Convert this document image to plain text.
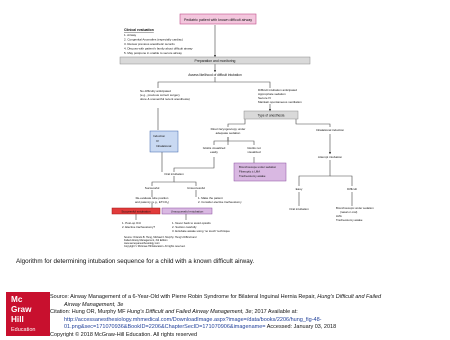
Pediatric patient with known difficult airway
Clinical evaluation
1. Airway
2. Congenital Anomalies (especially cardiac)
3. Review previous anesthetic records
4. Discuss with patient's family about difficult airway
5. May postpone in unable to secure airway
Preparation and monitoring
Assess likelihood of difficult intubation
No difficulty anticipated
(e.g., previous correct surgery
done & uneventful recent anesthesia)
Difficult intubation anticipated
Appropriate sedation
Secure IV
Maintain spontaneous ventilation
Type of anesthesia
Induction
IV
Inhalational
Direct laryngoscopy under
adequate sedation
Inhalational induction
Glottis visualized
easily
Glottis not
visualized
Attempt intubation
Bronchoscope under sedation
Fiberoptic ± LMA
Tracheostomy awake
Oral intubation
Successful	Unsuccessful
Re-evaluate tube position
and patency (e.g., ETCO₂)
1. Make the patient
2. Consider elective tracheostomy
Easy	Difficult
Oral intubation	Bronchoscopic under sedation
(nasal or oral)
LMA
Tracheostomy awake
Successful extubation	Unsuccessful extubation
1. Post-op ICU
2. Elective tracheostomy?
1. Never back to avoid opioids
2. Suction carefully
3. Extubate awake using 'no touch' technique
Source: Orlando B. Hung, Michael F. Murphy: Hung's Difficult and
Failed Airway Management, 3rd Edition
www.accessanesthesiology.com
Copyright © McGraw-Hill Education. All rights reserved.
Algorithm for determining intubation sequence for a child with a known difficult airway.
Mc
Graw
Hill
Education

Source: Airway Management of a 6-Year-Old with Pierre Robin Syndrome for Bilateral Inguinal Hernia Repair, Hung's Difficult and Failed

Airway Management, 3e

Citation: Hung OR, Murphy MF Hung's Difficult and Failed Airway Management, 3e; 2017 Available at:

http://accessanesthesiology.mhmedical.com/DownloadImage.aspx?image=/data/books/2206/hung_fig-48-

01.png&sec=171070936&BookID=2206&ChapterSecID=171070906&imagename= Accessed: January 03, 2018

Copyright © 2018 McGraw-Hill Education. All rights reserved
